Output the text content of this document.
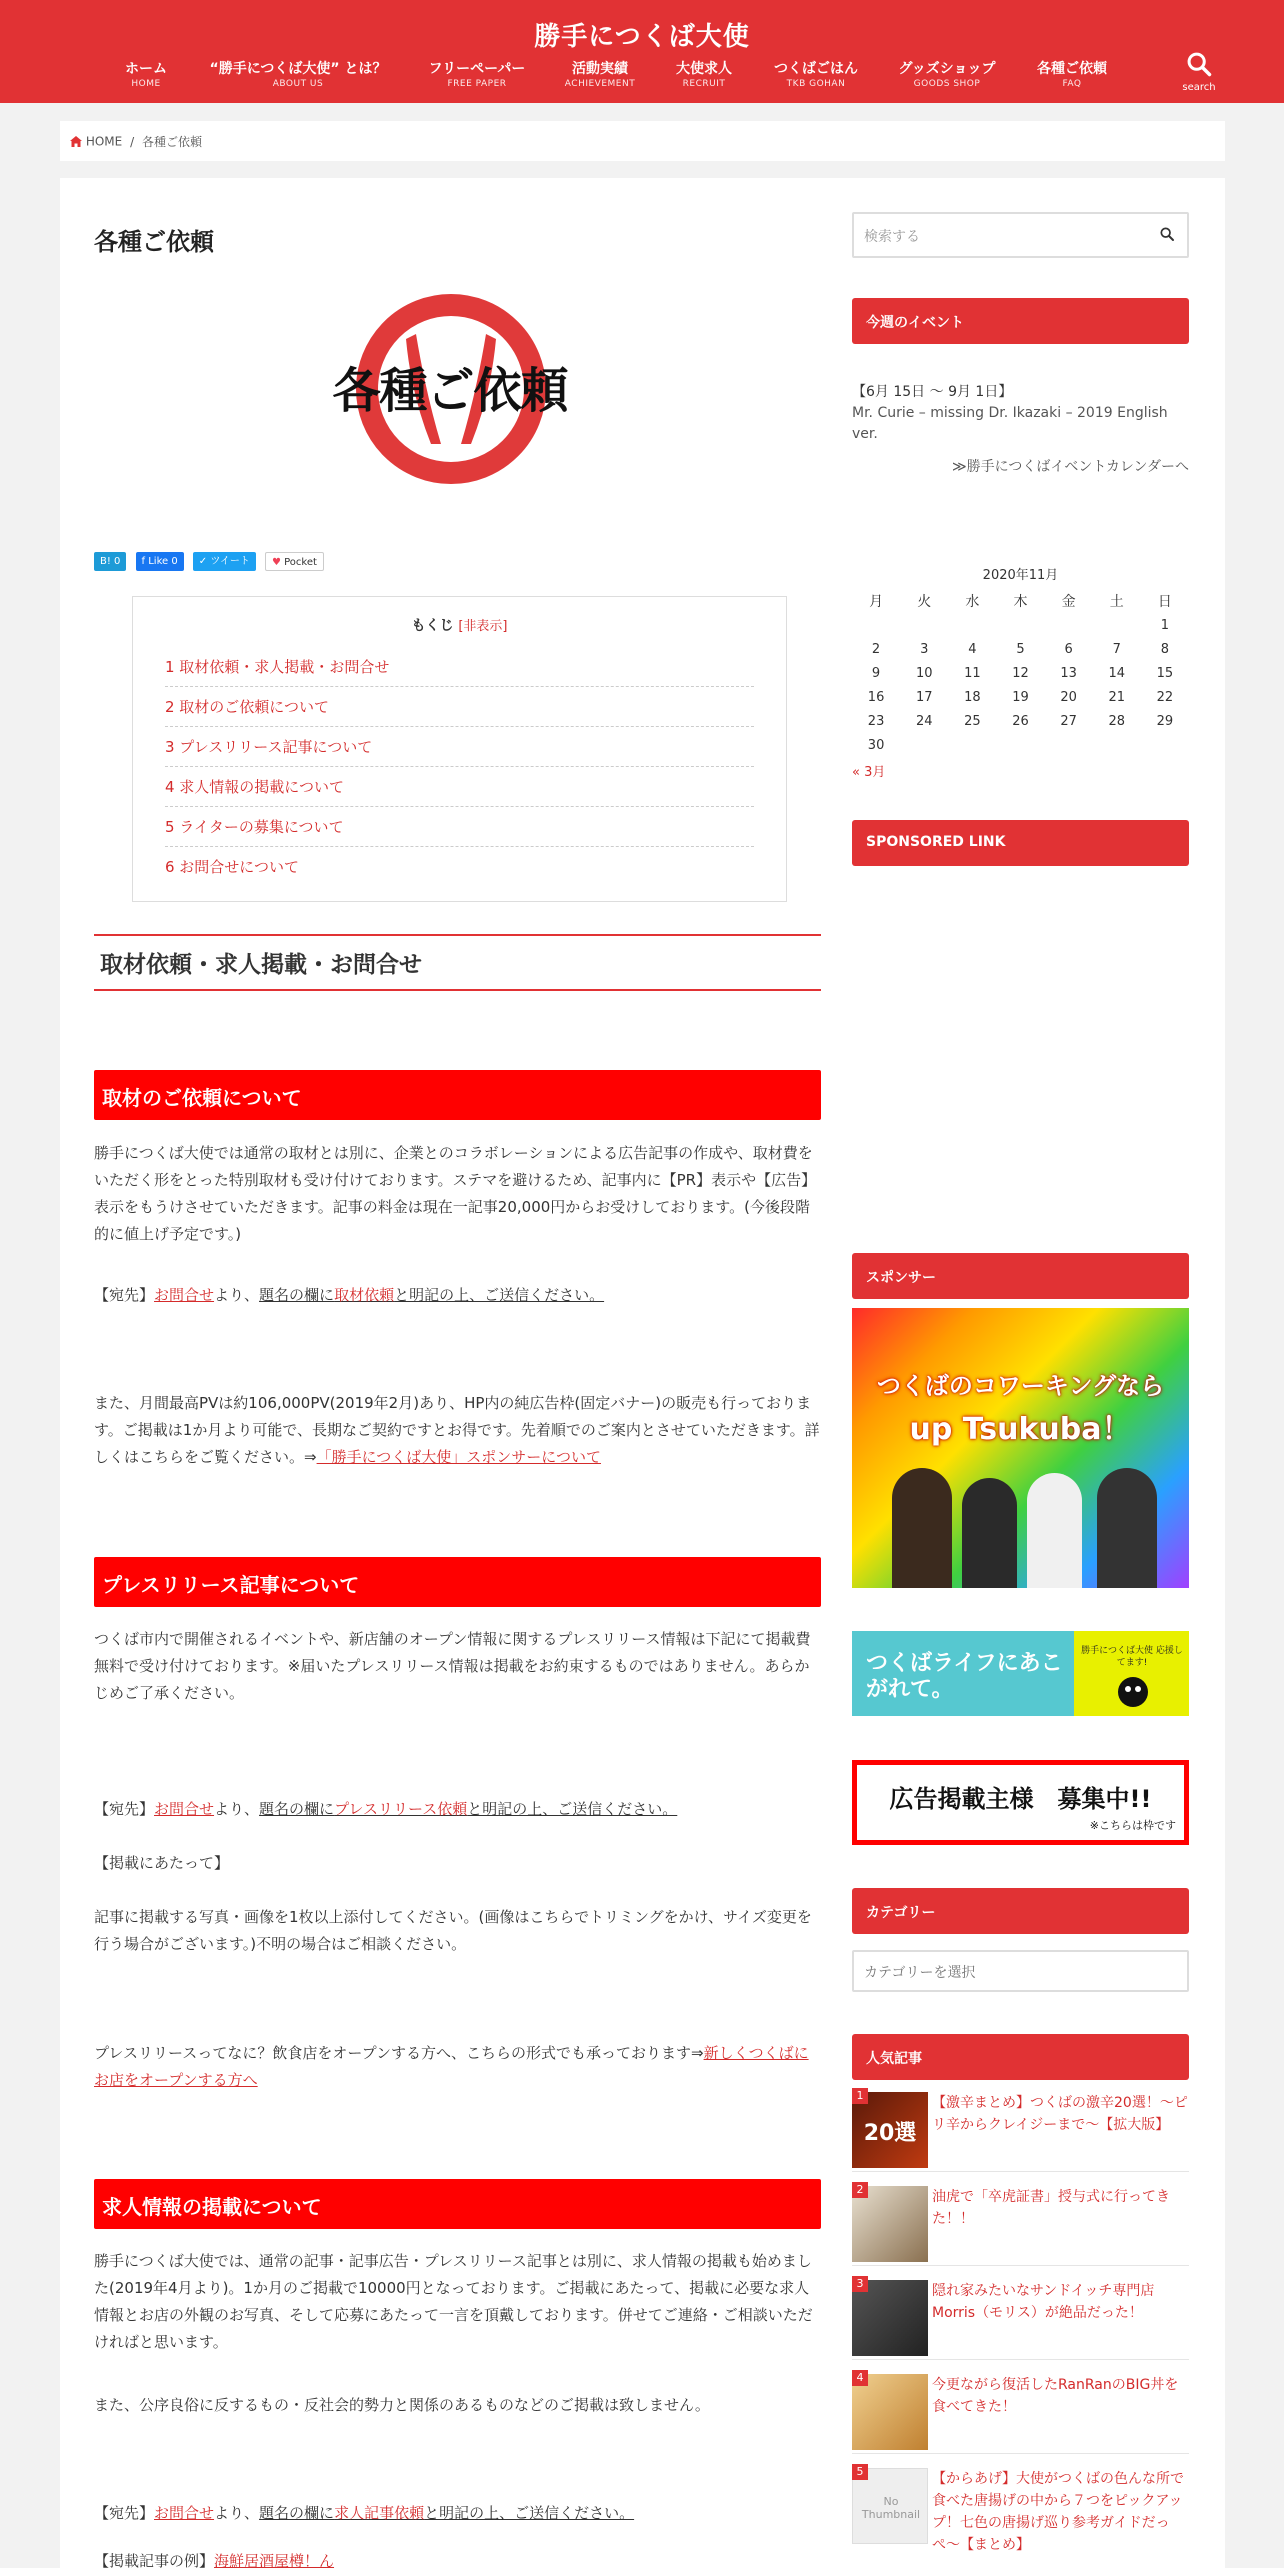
勝手につくば大使
ホーム
HOME
“勝手につくば大使” とは？
ABOUT US
フリーペーパー
FREE PAPER
活動実績
ACHIEVEMENT
大使求人
RECRUIT
つくばごはん
TKB GOHAN
グッズショップ
GOODS SHOP
各種ご依頼
FAQ	search
HOME / 各種ご依頼
各種ご依頼
各種ご依頼
B! 0 f Like 0 ✓ ツイート ♥ Pocket
もくじ [非表示]
1 取材依頼・求人掲載・お問合せ
2 取材のご依頼について
3 プレスリリース記事について
4 求人情報の掲載について
5 ライターの募集について
6 お問合せについて
取材依頼・求人掲載・お問合せ
取材のご依頼について

勝手につくば大使では通常の取材とは別に、企業とのコラボレーションによる広告記事の作成や、取材費をいただく形をとった特別取材も受け付けております。ステマを避けるため、記事内に【PR】表示や【広告】表示をもうけさせていただきます。記事の料金は現在一記事20,000円からお受けしております。(今後段階的に値上げ予定です。)

【宛先】お問合せより、題名の欄に取材依頼と明記の上、ご送信ください。

また、月間最高PVは約106,000PV(2019年2月)あり、HP内の純広告枠(固定バナー)の販売も行っております。ご掲載は1か月より可能で、長期なご契約ですとお得です。先着順でのご案内とさせていただきます。詳しくはこちらをご覧ください。⇒「勝手につくば大使」スポンサーについて

プレスリリース記事について

つくば市内で開催されるイベントや、新店舗のオープン情報に関するプレスリリース情報は下記にて掲載費無料で受け付けております。※届いたプレスリリース情報は掲載をお約束するものではありません。あらかじめご了承ください。

【宛先】お問合せより、題名の欄にプレスリリース依頼と明記の上、ご送信ください。

【掲載にあたって】

記事に掲載する写真・画像を1枚以上添付してください。(画像はこちらでトリミングをかけ、サイズ変更を行う場合がございます。)不明の場合はご相談ください。

プレスリリースってなに？飲食店をオープンする方へ、こちらの形式でも承っております⇒新しくつくばにお店をオープンする方へ

求人情報の掲載について

勝手につくば大使では、通常の記事・記事広告・プレスリリース記事とは別に、求人情報の掲載も始めました(2019年4月より)。1か月のご掲載で10000円となっております。ご掲載にあたって、掲載に必要な求人情報とお店の外観のお写真、そして応募にあたって一言を頂戴しております。併せてご連絡・ご相談いただければと思います。

また、公序良俗に反するもの・反社会的勢力と関係のあるものなどのご掲載は致しません。

【宛先】お問合せより、題名の欄に求人記事依頼と明記の上、ご送信ください。

【掲載記事の例】海鮮居酒屋樽！ん

検索する
今週のイベント
【6月 15日 〜 9月 1日】
Mr. Curie – missing Dr. Ikazaki – 2019 English ver.
≫勝手につくばイベントカレンダーへ
2020年11月
月	火	水	木	金	土	日
						1
2	3	4	5	6	7	8
9	10	11	12	13	14	15
16	17	18	19	20	21	22
23	24	25	26	27	28	29
30						
« 3月
SPONSORED LINK
スポンサー
つくばのコワーキングなら
up Tsukuba！
つくばライフにあこがれて。
勝手につくば大使 応援してます!
広告掲載主様　募集中!!
※こちらは枠です
カテゴリー
カテゴリーを選択
人気記事
20選
1	【激辛まとめ】つくばの激辛20選！〜ピリ辛からクレイジーまで〜【拡大版】
2	油虎で「卒虎証書」授与式に行ってきた！！
3	隠れ家みたいなサンドイッチ専門店Morris（モリス）が絶品だった！
4	今更ながら復活したRanRanのBIG丼を食べてきた！
No Thumbnail
5	【からあげ】大使がつくばの色んな所で食べた唐揚げの中から７つをピックアップ！七色の唐揚げ巡り参考ガイドだっぺ〜【まとめ】
